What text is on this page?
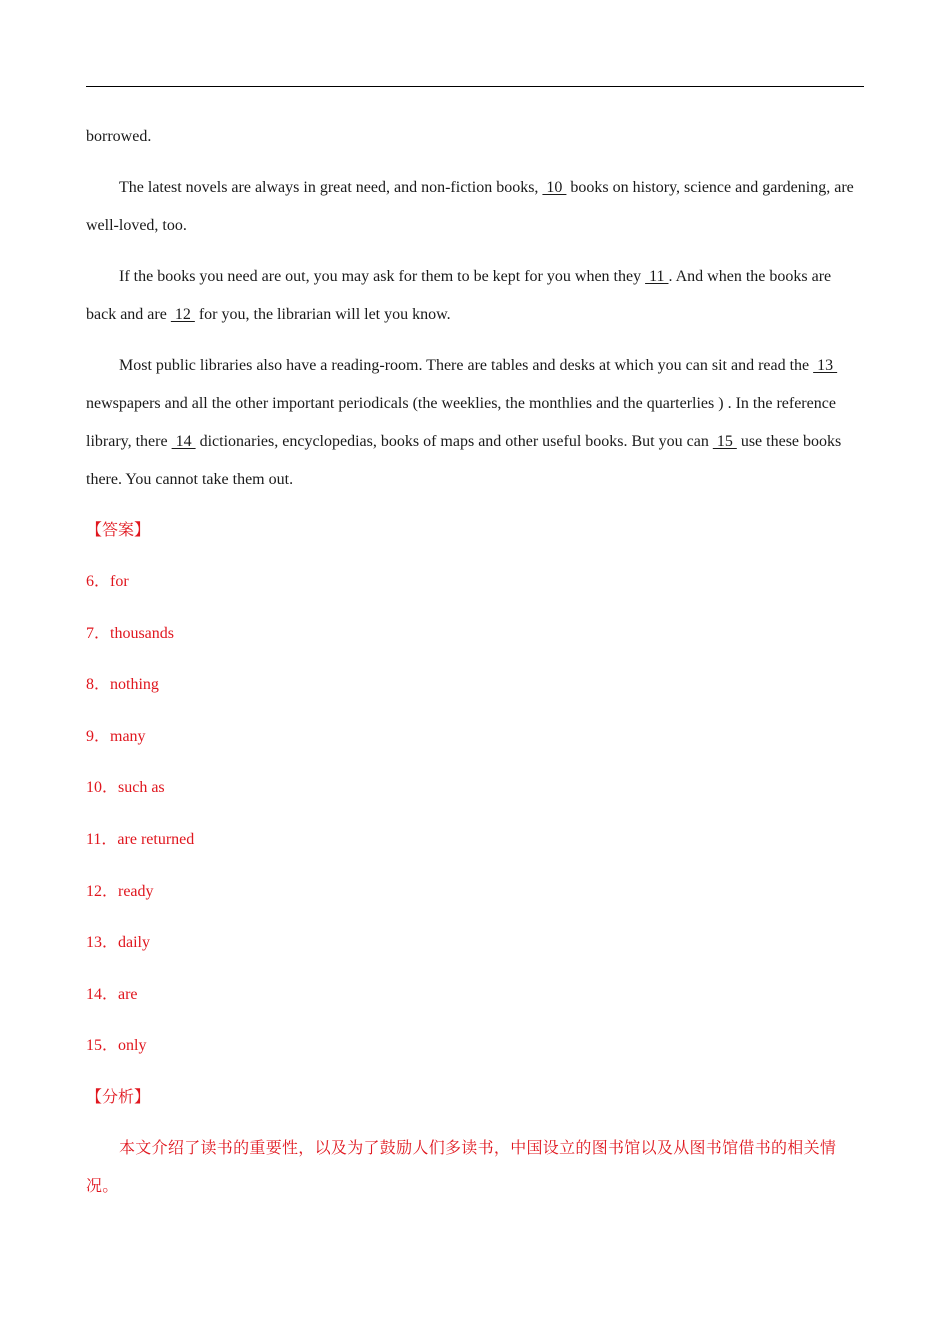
borrowed.

The latest novels are always in great need, and non-fiction books,  10  books on history, science and gardening, are well-loved, too.

If the books you need are out, you may ask for them to be kept for you when they  11 . And when the books are back and are  12  for you, the librarian will let you know.

Most public libraries also have a reading-room. There are tables and desks at which you can sit and read the  13  newspapers and all the other important periodicals (the weeklies, the monthlies and the quarterlies ) . In the reference library, there  14  dictionaries, encyclopedias, books of maps and other useful books. But you can  15  use these books there. You cannot take them out.

【答案】
6．for
7．thousands
8．nothing
9．many
10．such as
11．are returned
12．ready
13．daily
14．are
15．only
【分析】

本文介绍了读书的重要性，以及为了鼓励人们多读书，中国设立的图书馆以及从图书馆借书的相关情况。
